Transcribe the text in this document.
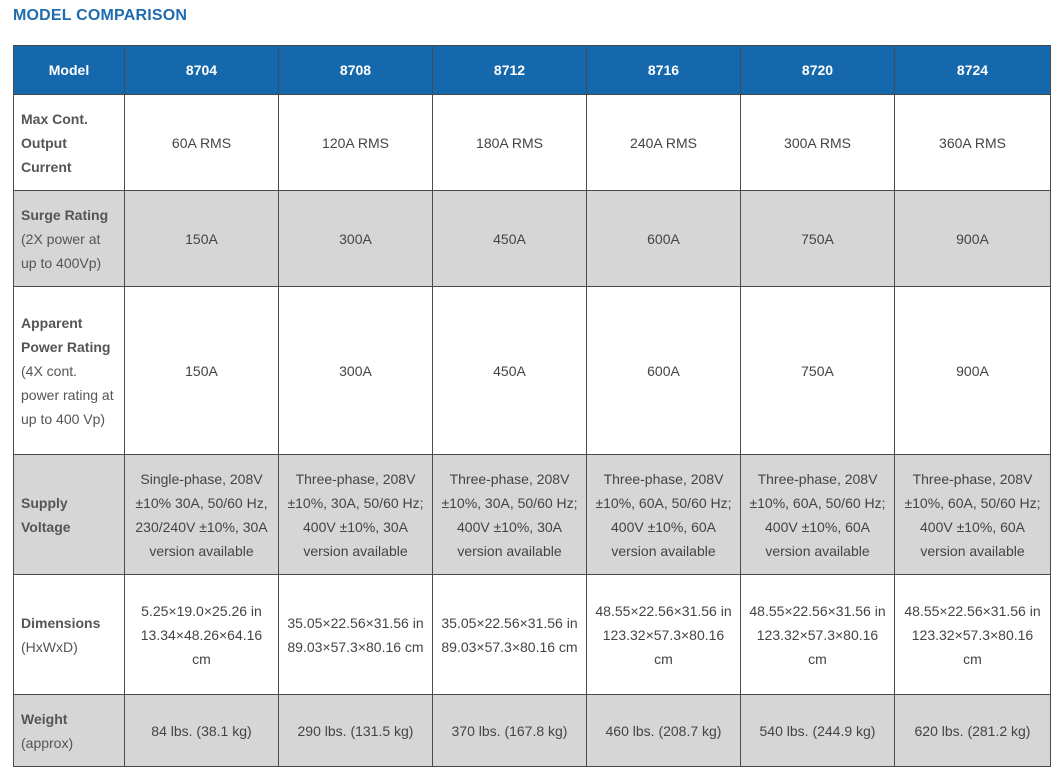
MODEL COMPARISON
Model	8704	8708	8712	8716	8720	8724

Max Cont. Output Current	60A RMS	120A RMS	180A RMS	240A RMS	300A RMS	360A RMS

Surge Rating
(2X power at up to 400Vp)	150A	300A	450A	600A	750A	900A

Apparent Power Rating
(4X cont. power rating at up to 400 Vp)	150A	300A	450A	600A	750A	900A

Supply Voltage	Single-phase, 208V ±10% 30A, 50/60 Hz, 230/240V ±10%, 30A version available	Three-phase, 208V ±10%, 30A, 50/60 Hz; 400V ±10%, 30A version available	Three-phase, 208V ±10%, 30A, 50/60 Hz; 400V ±10%, 30A version available	Three-phase, 208V ±10%, 60A, 50/60 Hz; 400V ±10%, 60A version available	Three-phase, 208V ±10%, 60A, 50/60 Hz; 400V ±10%, 60A version available	Three-phase, 208V ±10%, 60A, 50/60 Hz; 400V ±10%, 60A version available

Dimensions
(HxWxD)	5.25×19.0×25.26 in 13.34×48.26×64.16 cm	35.05×22.56×31.56 in 89.03×57.3×80.16 cm	35.05×22.56×31.56 in 89.03×57.3×80.16 cm	48.55×22.56×31.56 in 123.32×57.3×80.16 cm	48.55×22.56×31.56 in 123.32×57.3×80.16 cm	48.55×22.56×31.56 in 123.32×57.3×80.16 cm

Weight
(approx)	84 lbs. (38.1 kg)	290 lbs. (131.5 kg)	370 lbs. (167.8 kg)	460 lbs. (208.7 kg)	540 lbs. (244.9 kg)	620 lbs. (281.2 kg)
